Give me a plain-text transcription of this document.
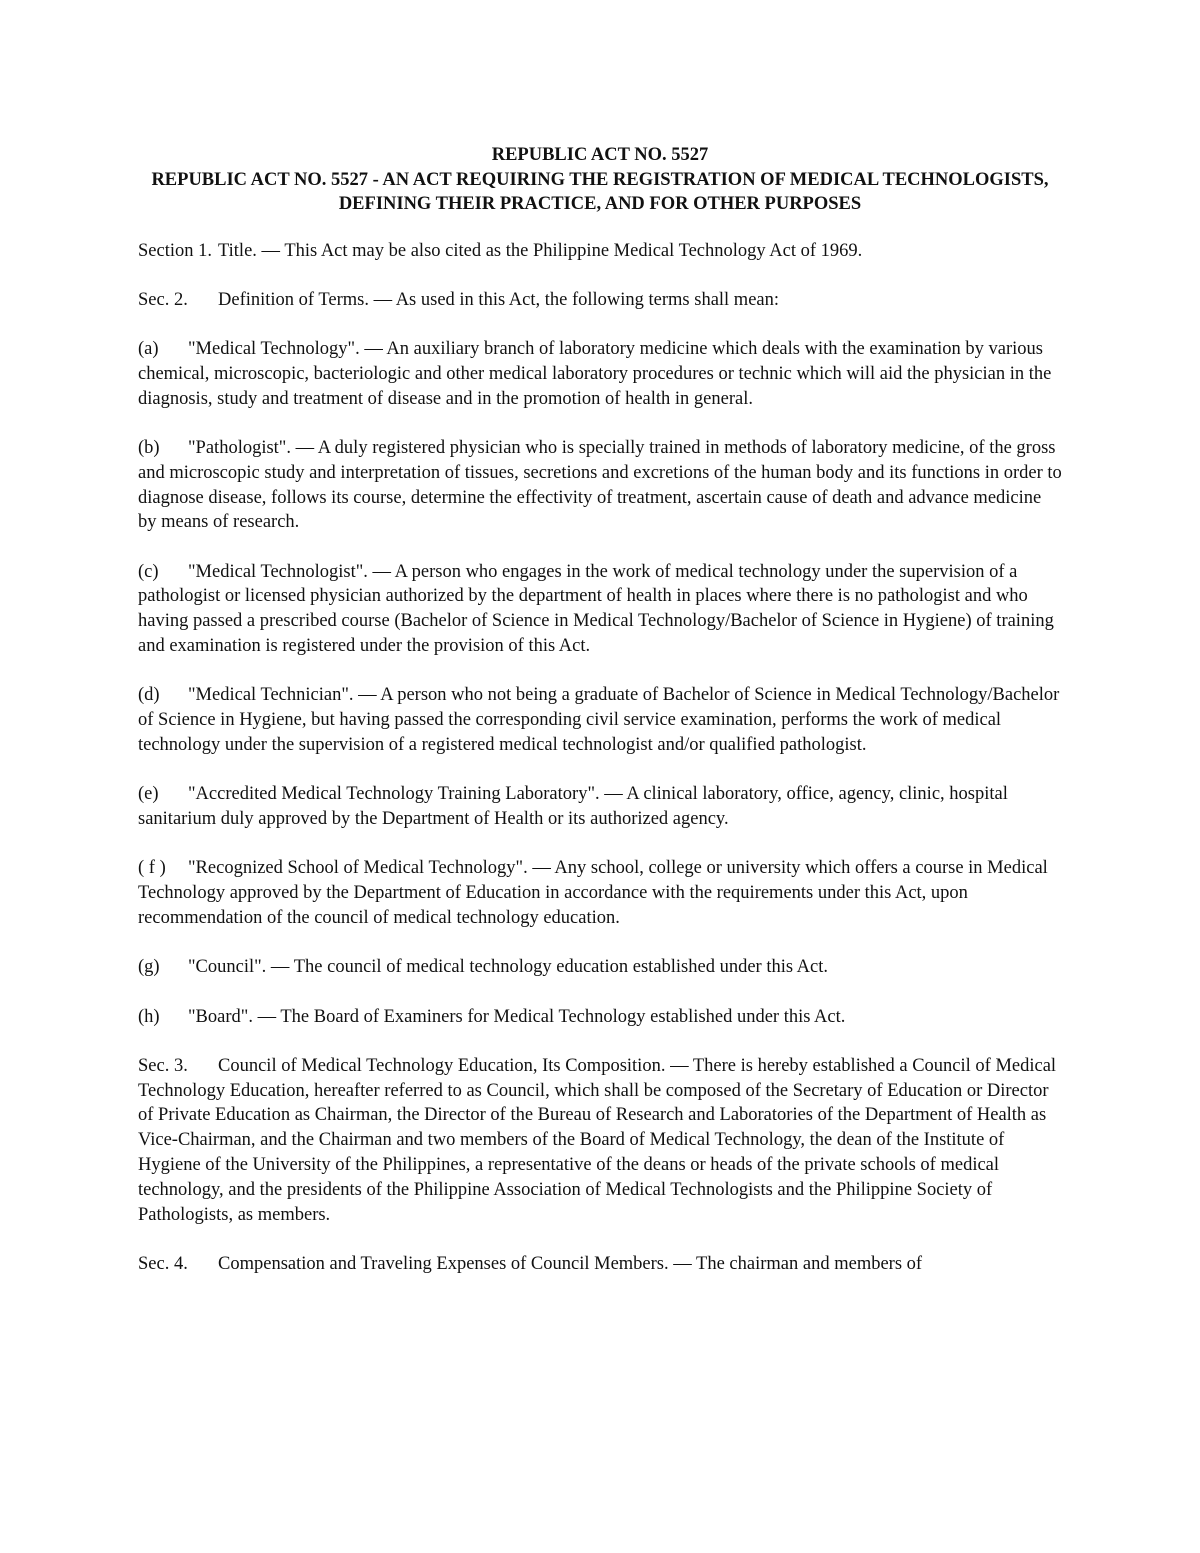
REPUBLIC ACT NO. 5527

REPUBLIC ACT NO. 5527 - AN ACT REQUIRING THE REGISTRATION OF MEDICAL TECHNOLOGISTS, DEFINING THEIR PRACTICE, AND FOR OTHER PURPOSES

Section 1. Title. — This Act may be also cited as the Philippine Medical Technology Act of 1969.

Sec. 2. Definition of Terms. — As used in this Act, the following terms shall mean:

(a) "Medical Technology". — An auxiliary branch of laboratory medicine which deals with the examination by various chemical, microscopic, bacteriologic and other medical laboratory procedures or technic which will aid the physician in the diagnosis, study and treatment of disease and in the promotion of health in general.

(b) "Pathologist". — A duly registered physician who is specially trained in methods of laboratory medicine, of the gross and microscopic study and interpretation of tissues, secretions and excretions of the human body and its functions in order to diagnose disease, follows its course, determine the effectivity of treatment, ascertain cause of death and advance medicine by means of research.

(c) "Medical Technologist". — A person who engages in the work of medical technology under the supervision of a pathologist or licensed physician authorized by the department of health in places where there is no pathologist and who having passed a prescribed course (Bachelor of Science in Medical Technology/Bachelor of Science in Hygiene) of training and examination is registered under the provision of this Act.

(d) "Medical Technician". — A person who not being a graduate of Bachelor of Science in Medical Technology/Bachelor of Science in Hygiene, but having passed the corresponding civil service examination, performs the work of medical technology under the supervision of a registered medical technologist and/or qualified pathologist.

(e) "Accredited Medical Technology Training Laboratory". — A clinical laboratory, office, agency, clinic, hospital sanitarium duly approved by the Department of Health or its authorized agency.

( f ) "Recognized School of Medical Technology". — Any school, college or university which offers a course in Medical Technology approved by the Department of Education in accordance with the requirements under this Act, upon recommendation of the council of medical technology education.

(g) "Council". — The council of medical technology education established under this Act.

(h) "Board". — The Board of Examiners for Medical Technology established under this Act.

Sec. 3. Council of Medical Technology Education, Its Composition. — There is hereby established a Council of Medical Technology Education, hereafter referred to as Council, which shall be composed of the Secretary of Education or Director of Private Education as Chairman, the Director of the Bureau of Research and Laboratories of the Department of Health as Vice-Chairman, and the Chairman and two members of the Board of Medical Technology, the dean of the Institute of Hygiene of the University of the Philippines, a representative of the deans or heads of the private schools of medical technology, and the presidents of the Philippine Association of Medical Technologists and the Philippine Society of Pathologists, as members.

Sec. 4. Compensation and Traveling Expenses of Council Members. — The chairman and members of
